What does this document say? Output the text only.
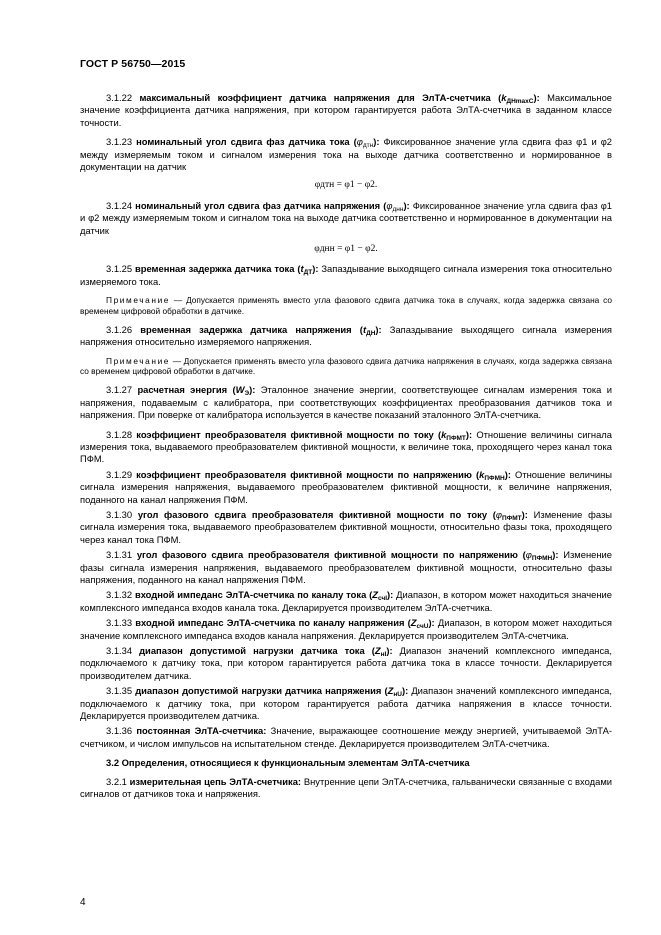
ГОСТ Р 56750—2015

3.1.22 максимальный коэффициент датчика напряжения для ЭлТА-счетчика $(k_{ДНmaxС})$: Максимальное значение коэффициента датчика напряжения, при котором гарантируется работа ЭлТА-счетчика в заданном классе точности.

3.1.23 номинальный угол сдвига фаз датчика тока $(\varphi_{дтн})$: Фиксированное значение угла сдвига фаз φ1 и φ2 между измеряемым током и сигналом измерения тока на выходе датчика соответственно и нормированное в документации на датчик

φдтн = φ1 − φ2.

3.1.24 номинальный угол сдвига фаз датчика напряжения $(\varphi_{днн})$: Фиксированное значение угла сдвига фаз φ1 и φ2 между измеряемым током и сигналом тока на выходе датчика соответственно и нормированное в документации на датчик

φднн = φ1 − φ2.

3.1.25 временная задержка датчика тока $(t_{ДТ})$: Запаздывание выходящего сигнала измерения тока относительно измеряемого тока.

Примечание — Допускается применять вместо угла фазового сдвига датчика тока в случаях, когда задержка связана со временем цифровой обработки в датчике.

3.1.26 временная задержка датчика напряжения $(t_{ДН})$: Запаздывание выходящего сигнала измерения напряжения относительно измеряемого напряжения.

Примечание — Допускается применять вместо угла фазового сдвига датчика напряжения в случаях, когда задержка связана со временем цифровой обработки в датчике.

3.1.27 расчетная энергия $(W_Э)$: Эталонное значение энергии, соответствующее сигналам измерения тока и напряжения, подаваемым с калибратора, при соответствующих коэффициентах преобразования датчиков тока и напряжения. При поверке от калибратора используется в качестве показаний эталонного ЭлТА-счетчика.

3.1.28 коэффициент преобразователя фиктивной мощности по току $(k_{ПФМТ})$: Отношение величины сигнала измерения тока, выдаваемого преобразователем фиктивной мощности, к величине тока, проходящего через канал тока ПФМ.

3.1.29 коэффициент преобразователя фиктивной мощности по напряжению $(k_{ПФМН})$: Отношение величины сигнала измерения напряжения, выдаваемого преобразователем фиктивной мощности, к величине напряжения, поданного на канал напряжения ПФМ.

3.1.30 угол фазового сдвига преобразователя фиктивной мощности по току $(\varphi_{ПФМТ})$: Изменение фазы сигнала измерения тока, выдаваемого преобразователем фиктивной мощности, относительно фазы тока, проходящего через канал тока ПФМ.

3.1.31 угол фазового сдвига преобразователя фиктивной мощности по напряжению $(\varphi_{ПФМН})$: Изменение фазы сигнала измерения напряжения, выдаваемого преобразователем фиктивной мощности, относительно фазы напряжения, поданного на канал напряжения ПФМ.

3.1.32 входной импеданс ЭлТА-счетчика по каналу тока $(Z_{счI})$: Диапазон, в котором может находиться значение комплексного импеданса входов канала тока. Декларируется производителем ЭлТА-счетчика.

3.1.33 входной импеданс ЭлТА-счетчика по каналу напряжения $(Z_{счU})$: Диапазон, в котором может находиться значение комплексного импеданса входов канала напряжения. Декларируется производителем ЭлТА-счетчика.

3.1.34 диапазон допустимой нагрузки датчика тока $(Z_{нI})$: Диапазон значений комплексного импеданса, подключаемого к датчику тока, при котором гарантируется работа датчика тока в классе точности. Декларируется производителем датчика.

3.1.35 диапазон допустимой нагрузки датчика напряжения $(Z_{нU})$: Диапазон значений комплексного импеданса, подключаемого к датчику тока, при котором гарантируется работа датчика напряжения в классе точности. Декларируется производителем датчика.

3.1.36 постоянная ЭлТА-счетчика: Значение, выражающее соотношение между энергией, учитываемой ЭлТА-счетчиком, и числом импульсов на испытательном стенде. Декларируется производителем ЭлТА-счетчика.

3.2 Определения, относящиеся к функциональным элементам ЭлТА-счетчика

3.2.1 измерительная цепь ЭлТА-счетчика: Внутренние цепи ЭлТА-счетчика, гальванически связанные с входами сигналов от датчиков тока и напряжения.

4
